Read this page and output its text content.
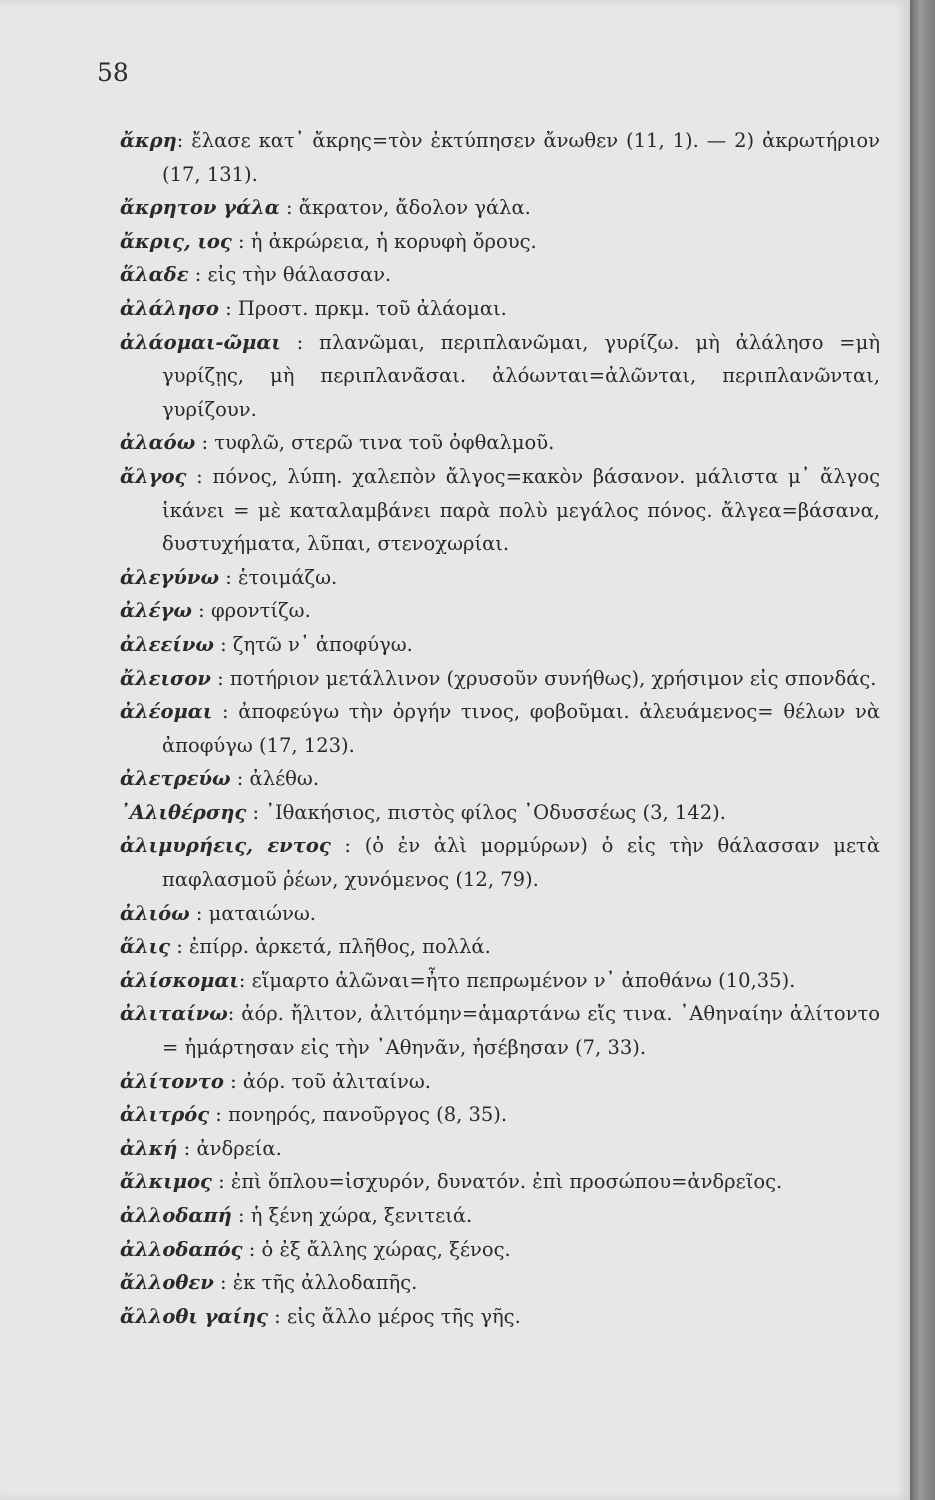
58

ἄκρη: ἔλασε κατ᾽ ἄκρης=τὸν ἐκτύπησεν ἄνωθεν (11, 1). — 2) ἀκρωτήριον (17, 131).

ἄκρητον γάλα : ἄκρατον, ἄδολον γάλα.

ἄκρις, ιος : ἡ ἀκρώρεια, ἡ κορυφὴ ὄρους.

ἅλαδε : εἰς τὴν θάλασσαν.

ἀλάλησο : Προστ. πρκμ. τοῦ ἀλάομαι.

ἀλάομαι-ῶμαι : πλανῶμαι, περιπλανῶμαι, γυρίζω. μὴ ἀλάλησο =μὴ γυρίζῃς, μὴ περιπλανᾶσαι. ἀλόωνται=ἀλῶνται, περιπλανῶνται, γυρίζουν.

ἀλαόω : τυφλῶ, στερῶ τινα τοῦ ὀφθαλμοῦ.

ἄλγος : πόνος, λύπη. χαλεπὸν ἄλγος=κακὸν βάσανον. μάλιστα μ᾽ ἄλγος ἱκάνει = μὲ καταλαμβάνει παρὰ πολὺ μεγάλος πόνος. ἄλγεα=βάσανα, δυστυχήματα, λῦπαι, στενοχωρίαι.

ἀλεγύνω : ἑτοιμάζω.

ἀλέγω : φροντίζω.

ἀλεείνω : ζητῶ ν᾽ ἀποφύγω.

ἄλεισον : ποτήριον μετάλλινον (χρυσοῦν συνήθως), χρήσιμον εἰς σπονδάς.

ἀλέομαι : ἀποφεύγω τὴν ὀργήν τινος, φοβοῦμαι. ἀλευάμενος= θέλων νὰ ἀποφύγω (17, 123).

ἀλετρεύω : ἀλέθω.

᾽Αλιθέρσης : ᾽Ιθακήσιος, πιστὸς φίλος ᾽Οδυσσέως (3, 142).

ἀλιμυρήεις, εντος : (ὁ ἐν ἁλὶ μορμύρων) ὁ εἰς τὴν θάλασσαν μετὰ παφλασμοῦ ῥέων, χυνόμενος (12, 79).

ἀλιόω : ματαιώνω.

ἅλις : ἐπίρρ. ἀρκετά, πλῆθος, πολλά.

ἁλίσκομαι: εἵμαρτο ἁλῶναι=ἦτο πεπρωμένον ν᾽ ἀποθάνω (10,35).

ἀλιταίνω: ἀόρ. ἤλιτον, ἀλιτόμην=ἁμαρτάνω εἴς τινα. ᾽Αθηναίην ἀλίτοντο = ἡμάρτησαν εἰς τὴν ᾽Αθηνᾶν, ἠσέβησαν (7, 33).

ἀλίτοντο : ἀόρ. τοῦ ἀλιταίνω.

ἀλιτρός : πονηρός, πανοῦργος (8, 35).

ἀλκή : ἀνδρεία.

ἄλκιμος : ἐπὶ ὅπλου=ἰσχυρόν, δυνατόν. ἐπὶ προσώπου=ἀνδρεῖος.

ἀλλοδαπή : ἡ ξένη χώρα, ξενιτειά.

ἀλλοδαπός : ὁ ἐξ ἄλλης χώρας, ξένος.

ἄλλοθεν : ἐκ τῆς ἀλλοδαπῆς.

ἄλλοθι γαίης : εἰς ἄλλο μέρος τῆς γῆς.
